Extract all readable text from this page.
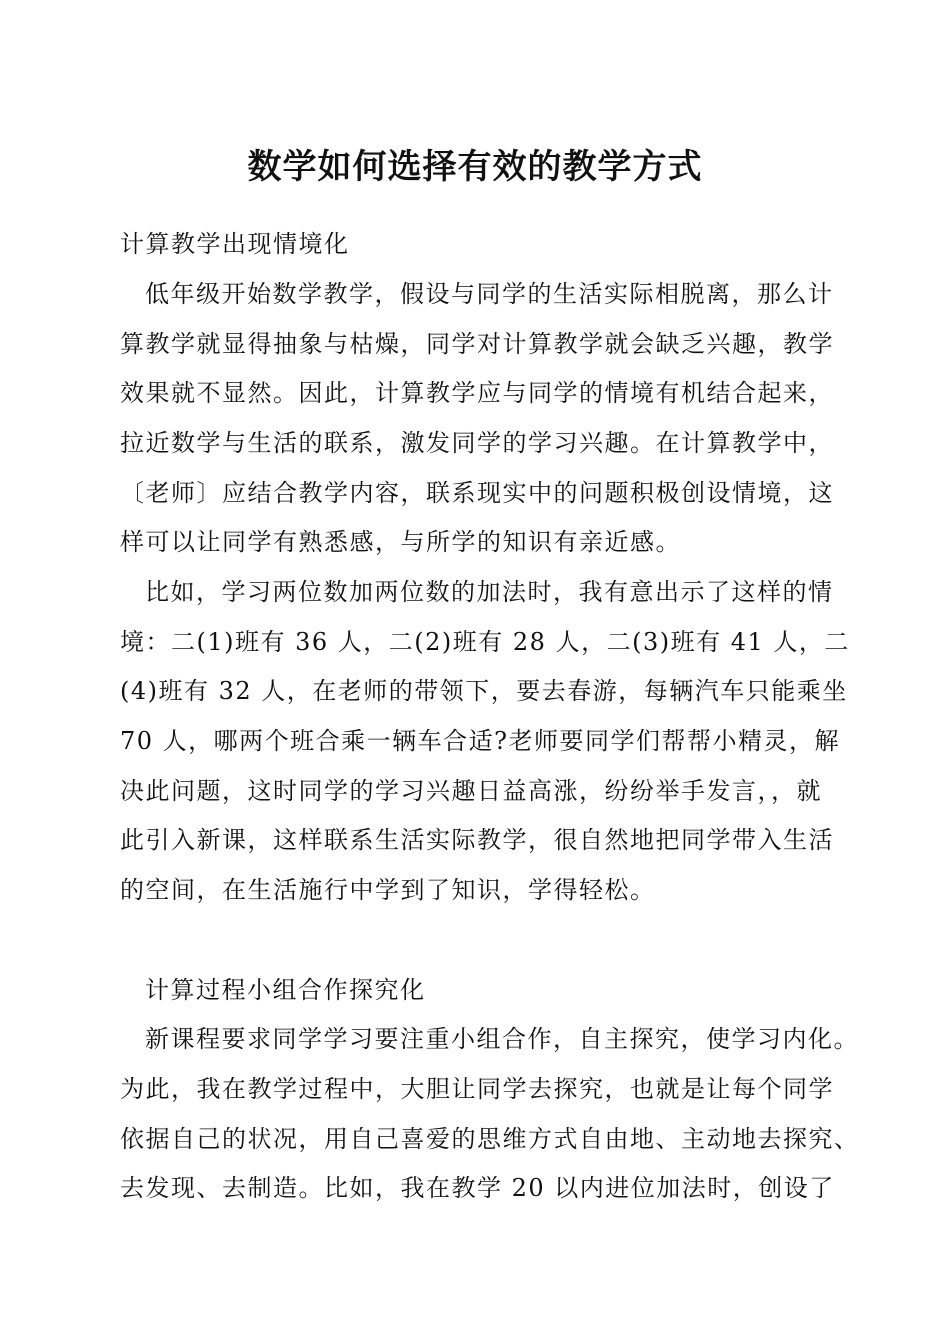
数学如何选择有效的教学方式
计算教学出现情境化
低年级开始数学教学，假设与同学的生活实际相脱离，那么计
算教学就显得抽象与枯燥，同学对计算教学就会缺乏兴趣，教学
效果就不显然。因此，计算教学应与同学的情境有机结合起来，
拉近数学与生活的联系，激发同学的学习兴趣。在计算教学中，
〔老师〕应结合教学内容，联系现实中的问题积极创设情境，这
样可以让同学有熟悉感，与所学的知识有亲近感。
比如，学习两位数加两位数的加法时，我有意出示了这样的情
境：二(1)班有 36 人，二(2)班有 28 人，二(3)班有 41 人，二
(4)班有 32 人，在老师的带领下，要去春游，每辆汽车只能乘坐
70 人，哪两个班合乘一辆车合适?老师要同学们帮帮小精灵，解
决此问题，这时同学的学习兴趣日益高涨，纷纷举手发言，，就
此引入新课，这样联系生活实际教学，很自然地把同学带入生活
的空间，在生活施行中学到了知识，学得轻松。
计算过程小组合作探究化
新课程要求同学学习要注重小组合作，自主探究，使学习内化。
为此，我在教学过程中，大胆让同学去探究，也就是让每个同学
依据自己的状况，用自己喜爱的思维方式自由地、主动地去探究、
去发现、去制造。比如，我在教学 20 以内进位加法时，创设了
